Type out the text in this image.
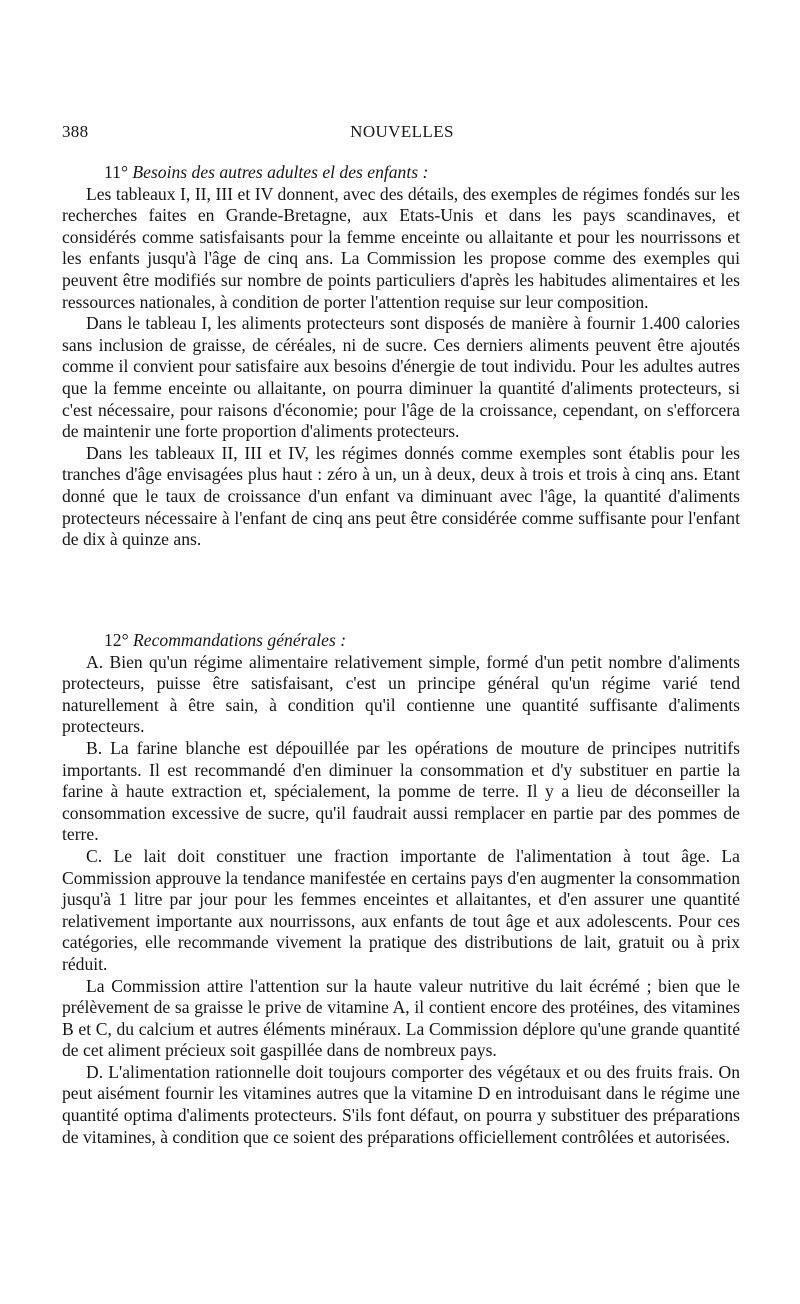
388	NOUVELLES

11° Besoins des autres adultes el des enfants :

Les tableaux I, II, III et IV donnent, avec des détails, des exemples de régimes fondés sur les recherches faites en Grande-Bretagne, aux Etats-Unis et dans les pays scandinaves, et considérés comme satisfaisants pour la femme enceinte ou allaitante et pour les nourrissons et les enfants jusqu'à l'âge de cinq ans. La Commission les propose comme des exemples qui peuvent être modifiés sur nombre de points particuliers d'après les habitudes alimentaires et les ressources nationales, à condition de porter l'attention requise sur leur composition.

Dans le tableau I, les aliments protecteurs sont disposés de manière à fournir 1.400 calories sans inclusion de graisse, de céréales, ni de sucre. Ces derniers aliments peuvent être ajoutés comme il convient pour satisfaire aux besoins d'énergie de tout individu. Pour les adultes autres que la femme enceinte ou allaitante, on pourra diminuer la quantité d'aliments protecteurs, si c'est nécessaire, pour raisons d'économie; pour l'âge de la croissance, cependant, on s'efforcera de maintenir une forte proportion d'aliments protecteurs.

Dans les tableaux II, III et IV, les régimes donnés comme exemples sont établis pour les tranches d'âge envisagées plus haut : zéro à un, un à deux, deux à trois et trois à cinq ans. Etant donné que le taux de croissance d'un enfant va diminuant avec l'âge, la quantité d'aliments protecteurs nécessaire à l'enfant de cinq ans peut être considérée comme suffisante pour l'enfant de dix à quinze ans.

12° Recommandations générales :

A. Bien qu'un régime alimentaire relativement simple, formé d'un petit nombre d'aliments protecteurs, puisse être satisfaisant, c'est un principe général qu'un régime varié tend naturellement à être sain, à condition qu'il contienne une quantité suffisante d'aliments protecteurs.

B. La farine blanche est dépouillée par les opérations de mouture de principes nutritifs importants. Il est recommandé d'en diminuer la consommation et d'y substituer en partie la farine à haute extraction et, spécialement, la pomme de terre. Il y a lieu de déconseiller la consommation excessive de sucre, qu'il faudrait aussi remplacer en partie par des pommes de terre.

C. Le lait doit constituer une fraction importante de l'alimentation à tout âge. La Commission approuve la tendance manifestée en certains pays d'en augmenter la consommation jusqu'à 1 litre par jour pour les femmes enceintes et allaitantes, et d'en assurer une quantité relativement importante aux nourrissons, aux enfants de tout âge et aux adolescents. Pour ces catégories, elle recommande vivement la pratique des distributions de lait, gratuit ou à prix réduit.

La Commission attire l'attention sur la haute valeur nutritive du lait écrémé ; bien que le prélèvement de sa graisse le prive de vitamine A, il contient encore des protéines, des vitamines B et C, du calcium et autres éléments minéraux. La Commission déplore qu'une grande quantité de cet aliment précieux soit gaspillée dans de nombreux pays.

D. L'alimentation rationnelle doit toujours comporter des végétaux et ou des fruits frais. On peut aisément fournir les vitamines autres que la vitamine D en introduisant dans le régime une quantité optima d'aliments protecteurs. S'ils font défaut, on pourra y substituer des préparations de vitamines, à condition que ce soient des préparations officiellement contrôlées et autorisées.
